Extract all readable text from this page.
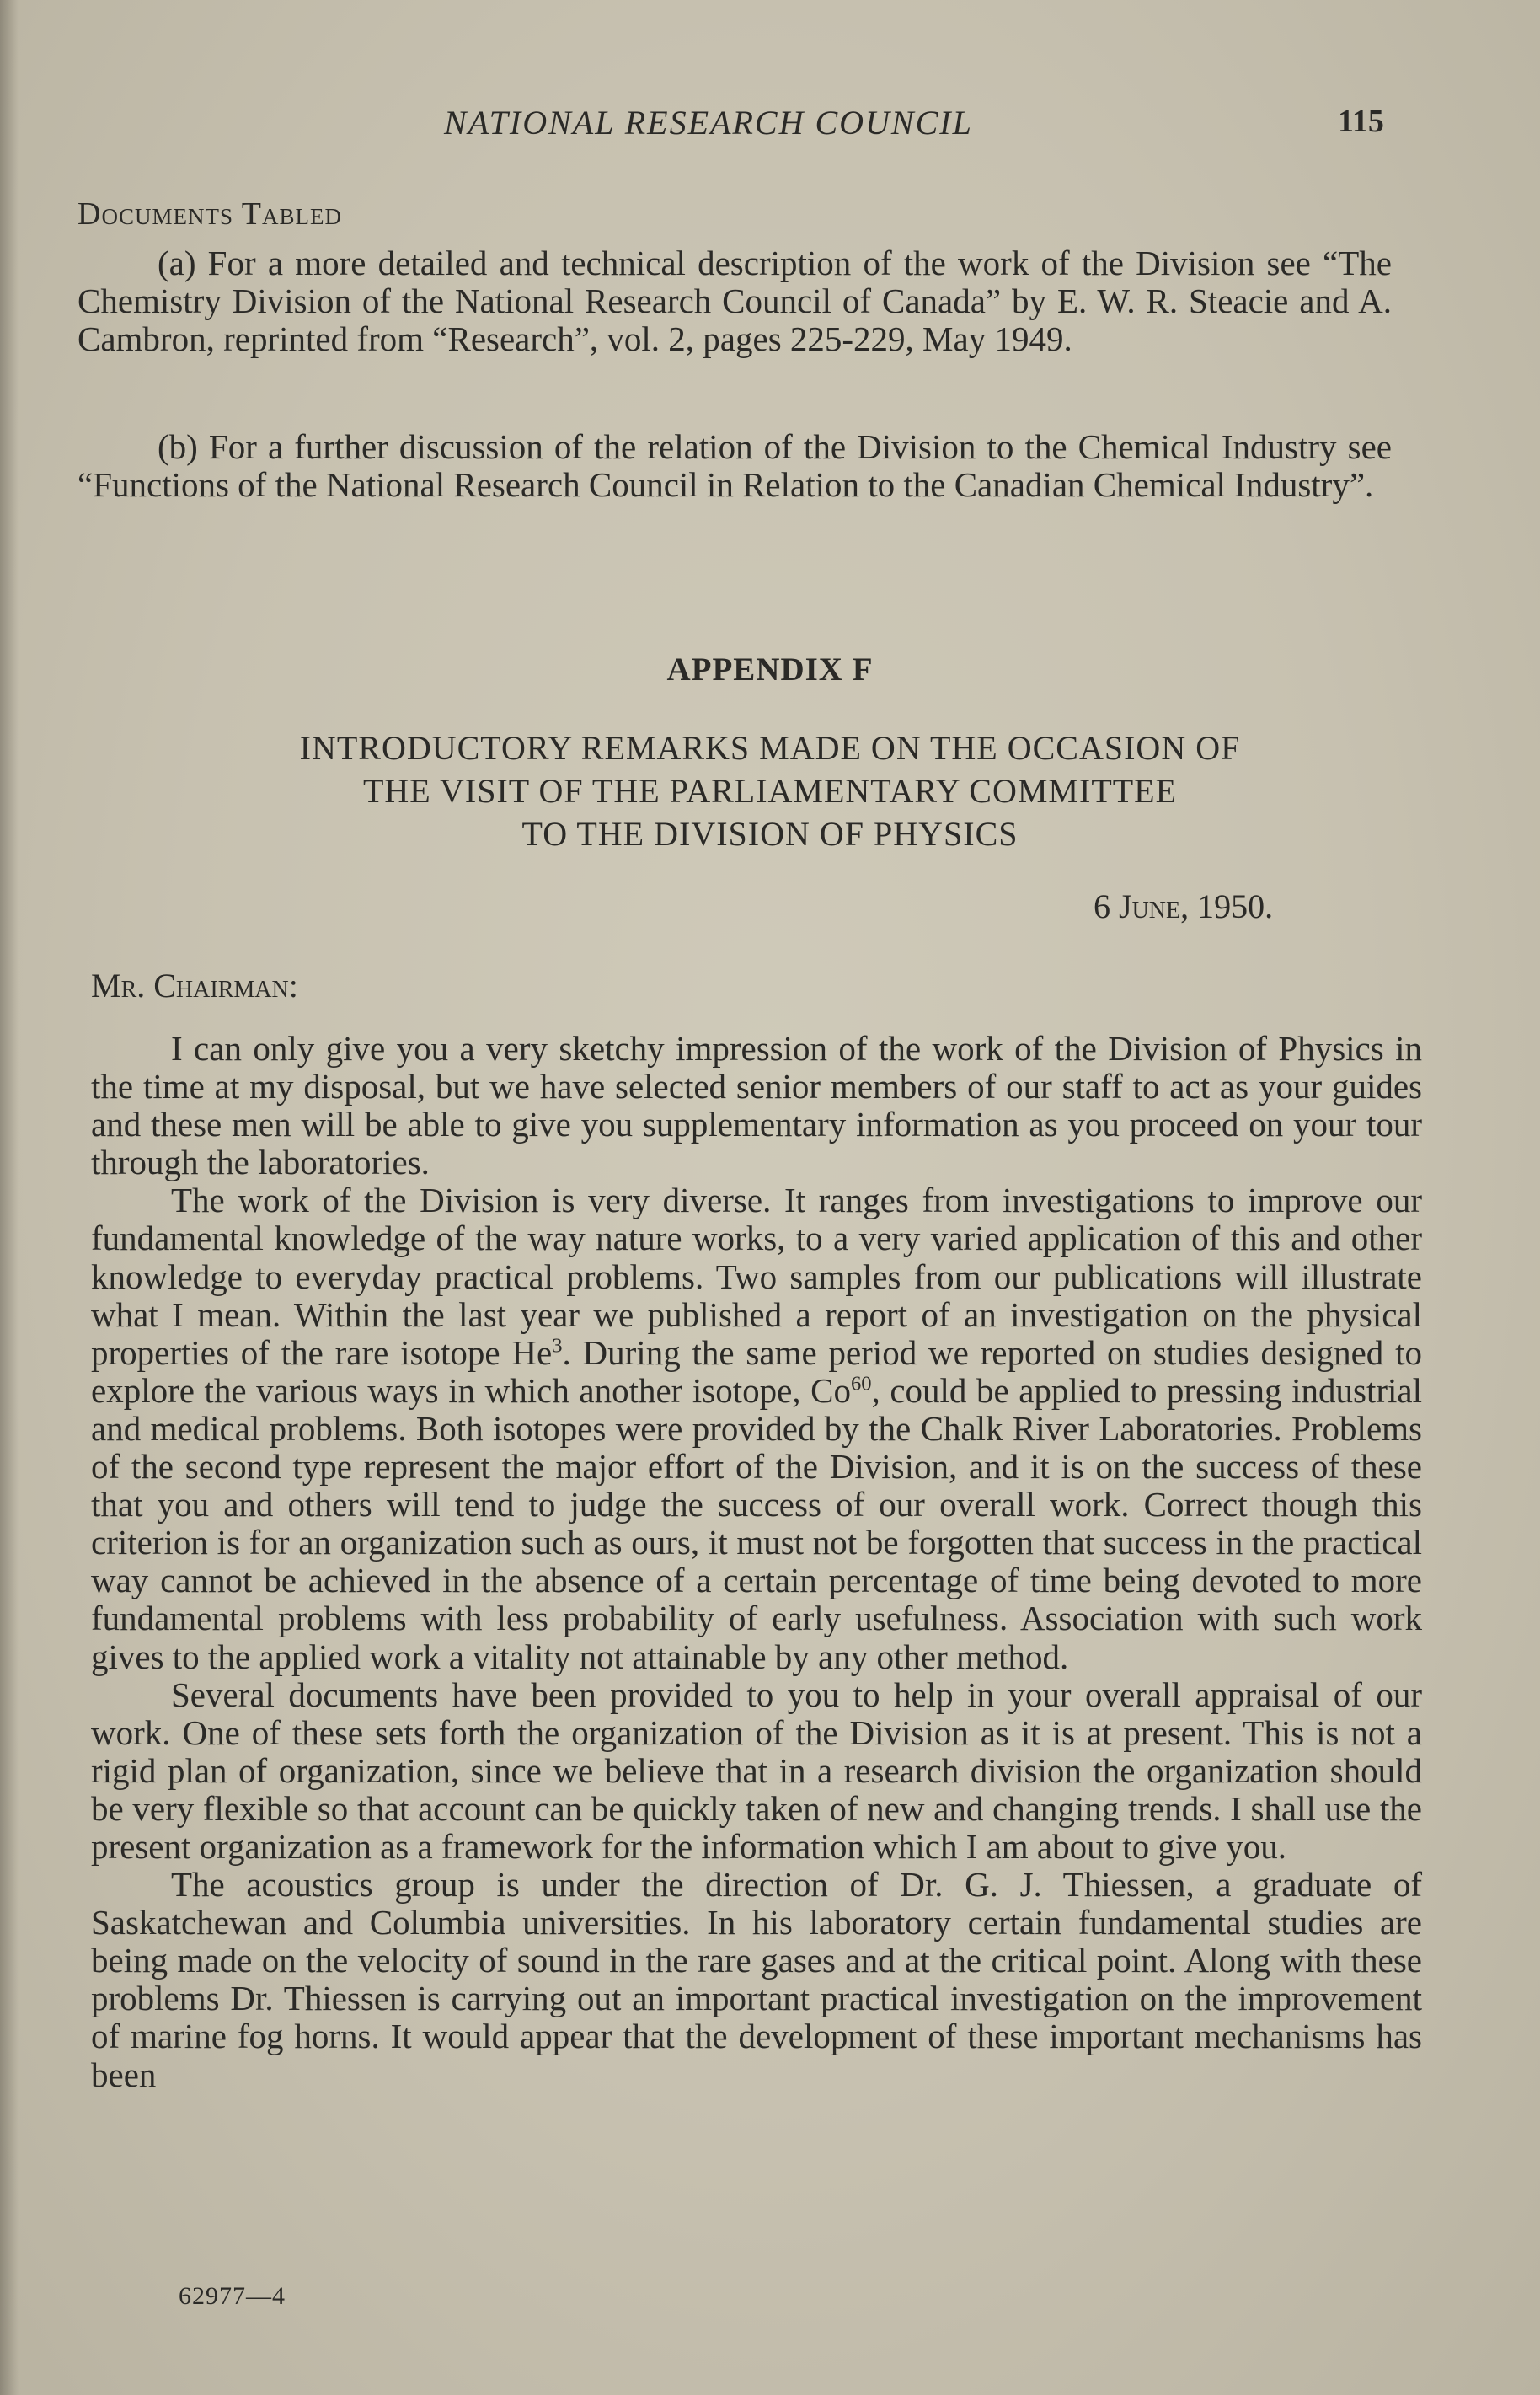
NATIONAL RESEARCH COUNCIL	115
Documents Tabled

(a) For a more detailed and technical description of the work of the Division see “The Chemistry Division of the National Research Council of Canada” by E. W. R. Steacie and A. Cambron, reprinted from “Research”, vol. 2, pages 225-229, May 1949.

(b) For a further discussion of the relation of the Division to the Chemical Industry see “Functions of the National Research Council in Relation to the Canadian Chemical Industry”.

APPENDIX F
INTRODUCTORY REMARKS MADE ON THE OCCASION OF
THE VISIT OF THE PARLIAMENTARY COMMITTEE
TO THE DIVISION OF PHYSICS
6 June, 1950.
Mr. Chairman:

I can only give you a very sketchy impression of the work of the Division of Physics in the time at my disposal, but we have selected senior members of our staff to act as your guides and these men will be able to give you supplementary information as you proceed on your tour through the laboratories.

The work of the Division is very diverse. It ranges from investigations to improve our fundamental knowledge of the way nature works, to a very varied application of this and other knowledge to everyday practical problems. Two samples from our publications will illustrate what I mean. Within the last year we published a report of an investigation on the physical properties of the rare isotope He$^3$. During the same period we reported on studies designed to explore the various ways in which another isotope, Co$^{60}$, could be applied to pressing industrial and medical problems. Both isotopes were provided by the Chalk River Laboratories. Problems of the second type represent the major effort of the Division, and it is on the success of these that you and others will tend to judge the success of our overall work. Correct though this criterion is for an organization such as ours, it must not be forgotten that success in the practical way cannot be achieved in the absence of a certain percentage of time being devoted to more fundamental problems with less probability of early usefulness. Association with such work gives to the applied work a vitality not attainable by any other method.

Several documents have been provided to you to help in your overall appraisal of our work. One of these sets forth the organization of the Division as it is at present. This is not a rigid plan of organization, since we believe that in a research division the organization should be very flexible so that account can be quickly taken of new and changing trends. I shall use the present organization as a framework for the information which I am about to give you.

The acoustics group is under the direction of Dr. G. J. Thiessen, a graduate of Saskatchewan and Columbia universities. In his laboratory certain fundamental studies are being made on the velocity of sound in the rare gases and at the critical point. Along with these problems Dr. Thiessen is carrying out an important practical investigation on the improvement of marine fog horns. It would appear that the development of these important mechanisms has been

62977—4
